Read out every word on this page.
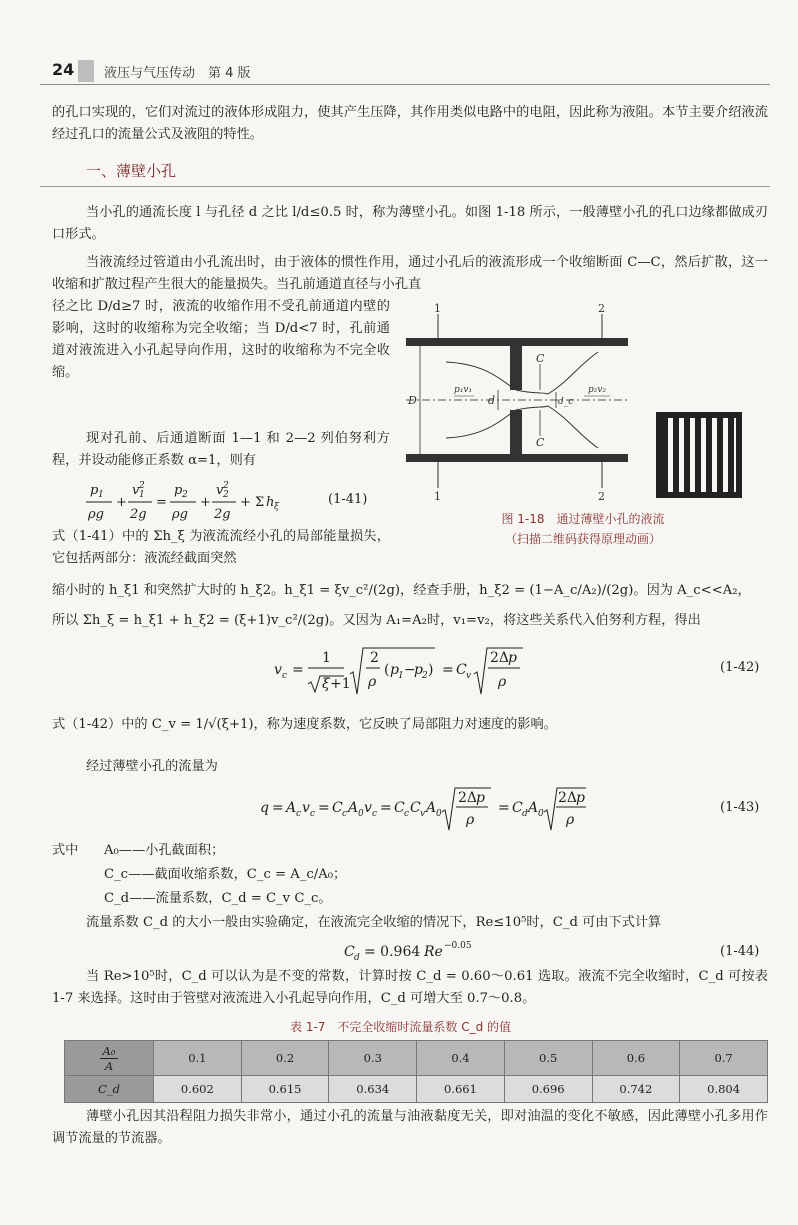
24 液压与气压传动　第 4 版
的孔口实现的，它们对流过的液体形成阻力，使其产生压降，其作用类似电路中的电阻，因此称为液阻。本节主要介绍液流经过孔口的流量公式及液阻的特性。
一、薄壁小孔
当小孔的通流长度 l 与孔径 d 之比 l/d≤0.5 时，称为薄壁小孔。如图 1-18 所示，一般薄壁小孔的孔口边缘都做成刃口形式。
当液流经过管道由小孔流出时，由于液体的惯性作用，通过小孔后的液流形成一个收缩断面 C—C，然后扩散，这一收缩和扩散过程产生很大的能量损失。当孔前通道直径与小孔直
径之比 D/d≥7 时，液流的收缩作用不受孔前通道内壁的影响，这时的收缩称为完全收缩；当 D/d<7 时，孔前通道对液流进入小孔起导向作用，这时的收缩称为不完全收缩。
现对孔前、后通道断面 1—1 和 2—2 列伯努利方程，并设动能修正系数 α=1，则有
p 1
ρg
+
v 1
2
2g
=
p 2
ρg
+
v 2
2
2g
+ Σ h ξ	(1-41)
式（1-41）中的 Σh_ξ 为液流流经小孔的局部能量损失，它包括两部分：液流经截面突然
1	2
1	2
C
C
D	d	d_c
p₁v₁	p₂v₂
图 1-18　通过薄壁小孔的液流
（扫描二维码获得原理动画）
缩小时的 h_ξ1 和突然扩大时的 h_ξ2。h_ξ1 = ξv_c²/(2g)，经查手册，h_ξ2 = (1−A_c/A₂)/(2g)。因为 A_c<<A₂，
所以 Σh_ξ = h_ξ1 + h_ξ2 = (ξ+1)v_c²/(2g)。又因为 A₁=A₂时，v₁=v₂，将这些关系代入伯努利方程，得出
v c =
1
ξ +1
2
ρ
( p 1 −
p 2 ) = C v
2Δ
p
ρ
(1-42)
式（1-42）中的 C_v = 1/√(ξ+1)，称为速度系数，它反映了局部阻力对速度的影响。
经过薄壁小孔的流量为
q = A c v c = C c A 0 v c = C c C v A 0
2Δ
p
ρ
= C d A 0
2Δ
p
ρ
(1-43)
式中 A₀——小孔截面积；
C_c——截面收缩系数，C_c = A_c/A₀；
C_d——流量系数，C_d = C_v C_c。
流量系数 C_d 的大小一般由实验确定，在液流完全收缩的情况下，Re≤10⁵时，C_d 可由下式计算
C d = 0.964 Re −0.05	(1-44)
当 Re>10⁵时，C_d 可以认为是不变的常数，计算时按 C_d = 0.60～0.61 选取。液流不完全收缩时，C_d 可按表 1-7 来选择。这时由于管壁对液流进入小孔起导向作用，C_d 可增大至 0.7～0.8。
表 1-7　不完全收缩时流量系数 C_d 的值
A₀
A	0.1	0.2	0.3	0.4	0.5	0.6	0.7
C_d	0.602	0.615	0.634	0.661	0.696	0.742	0.804
薄壁小孔因其沿程阻力损失非常小，通过小孔的流量与油液黏度无关，即对油温的变化不敏感，因此薄壁小孔多用作调节流量的节流器。
